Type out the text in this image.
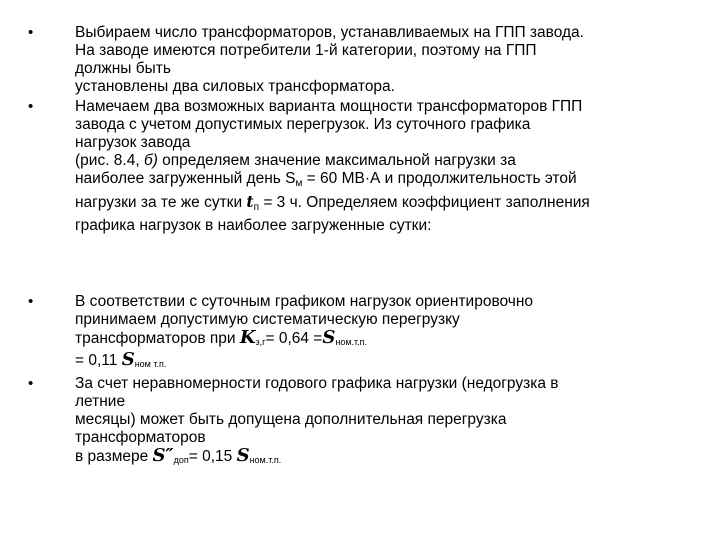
•	Выбираем число трансформаторов, устанавливаемых на ГПП завода.
На заводе имеются потребители 1-й категории, поэтому на ГПП
должны быть
установлены два силовых трансформатора.
•	Намечаем два возможных варианта мощности трансформаторов ГПП
завода с учетом допустимых перегрузок. Из суточного графика
нагрузок завода
(рис. 8.4, б) определяем значение максимальной нагрузки за
наиболее загруженный день $S_м = 60$ МВ·А и продолжительность этой
нагрузки за те же сутки $t_п = 3$ ч. Определяем коэффициент заполнения
графика нагрузок в наиболее загруженные сутки:
•	В соответствии с суточным графиком нагрузок ориентировочно
принимаем допустимую систематическую перегрузку
трансформаторов при Kз,г= 0,64 =Sном.т.п.
= 0,11 Sном т.п.
•	За счет неравномерности годового графика нагрузки (недогрузка в
летние
месяцы) может быть допущена дополнительная перегрузка
трансформаторов
в размере S″доп= 0,15 Sном.т.п.
